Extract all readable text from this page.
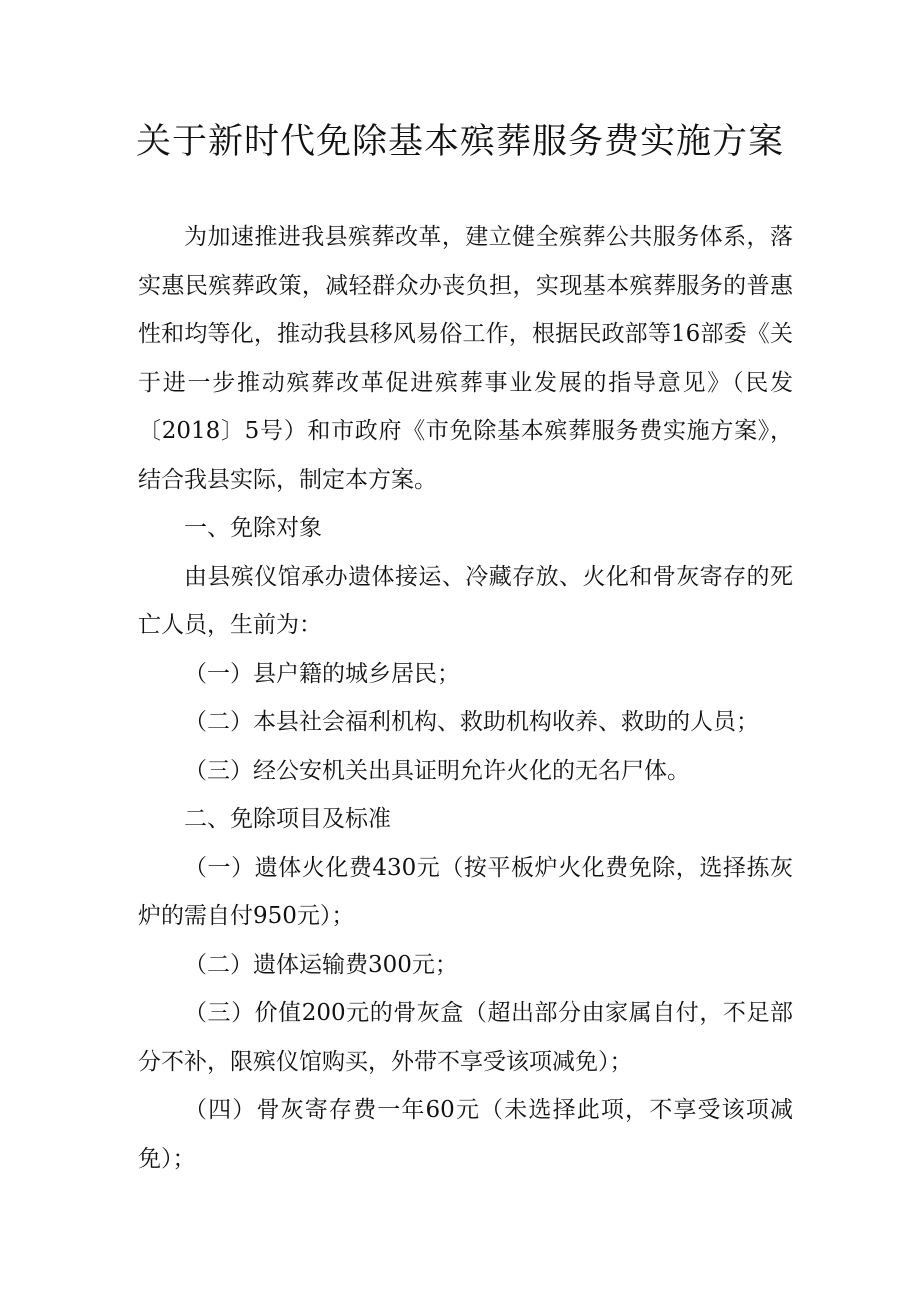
关于新时代免除基本殡葬服务费实施方案

为加速推进我县殡葬改革，建立健全殡葬公共服务体系，落实惠民殡葬政策，减轻群众办丧负担，实现基本殡葬服务的普惠性和均等化，推动我县移风易俗工作，根据民政部等16部委《关于进一步推动殡葬改革促进殡葬事业发展的指导意见》（民发〔2018〕5号）和市政府《市免除基本殡葬服务费实施方案》，结合我县实际，制定本方案。

一、免除对象

由县殡仪馆承办遗体接运、冷藏存放、火化和骨灰寄存的死亡人员，生前为：

（一）县户籍的城乡居民；

（二）本县社会福利机构、救助机构收养、救助的人员；

（三）经公安机关出具证明允许火化的无名尸体。

二、免除项目及标准

（一）遗体火化费430元（按平板炉火化费免除，选择拣灰炉的需自付950元）；

（二）遗体运输费300元；

（三）价值200元的骨灰盒（超出部分由家属自付，不足部分不补，限殡仪馆购买，外带不享受该项减免）；

（四）骨灰寄存费一年60元（未选择此项，不享受该项减免）；
